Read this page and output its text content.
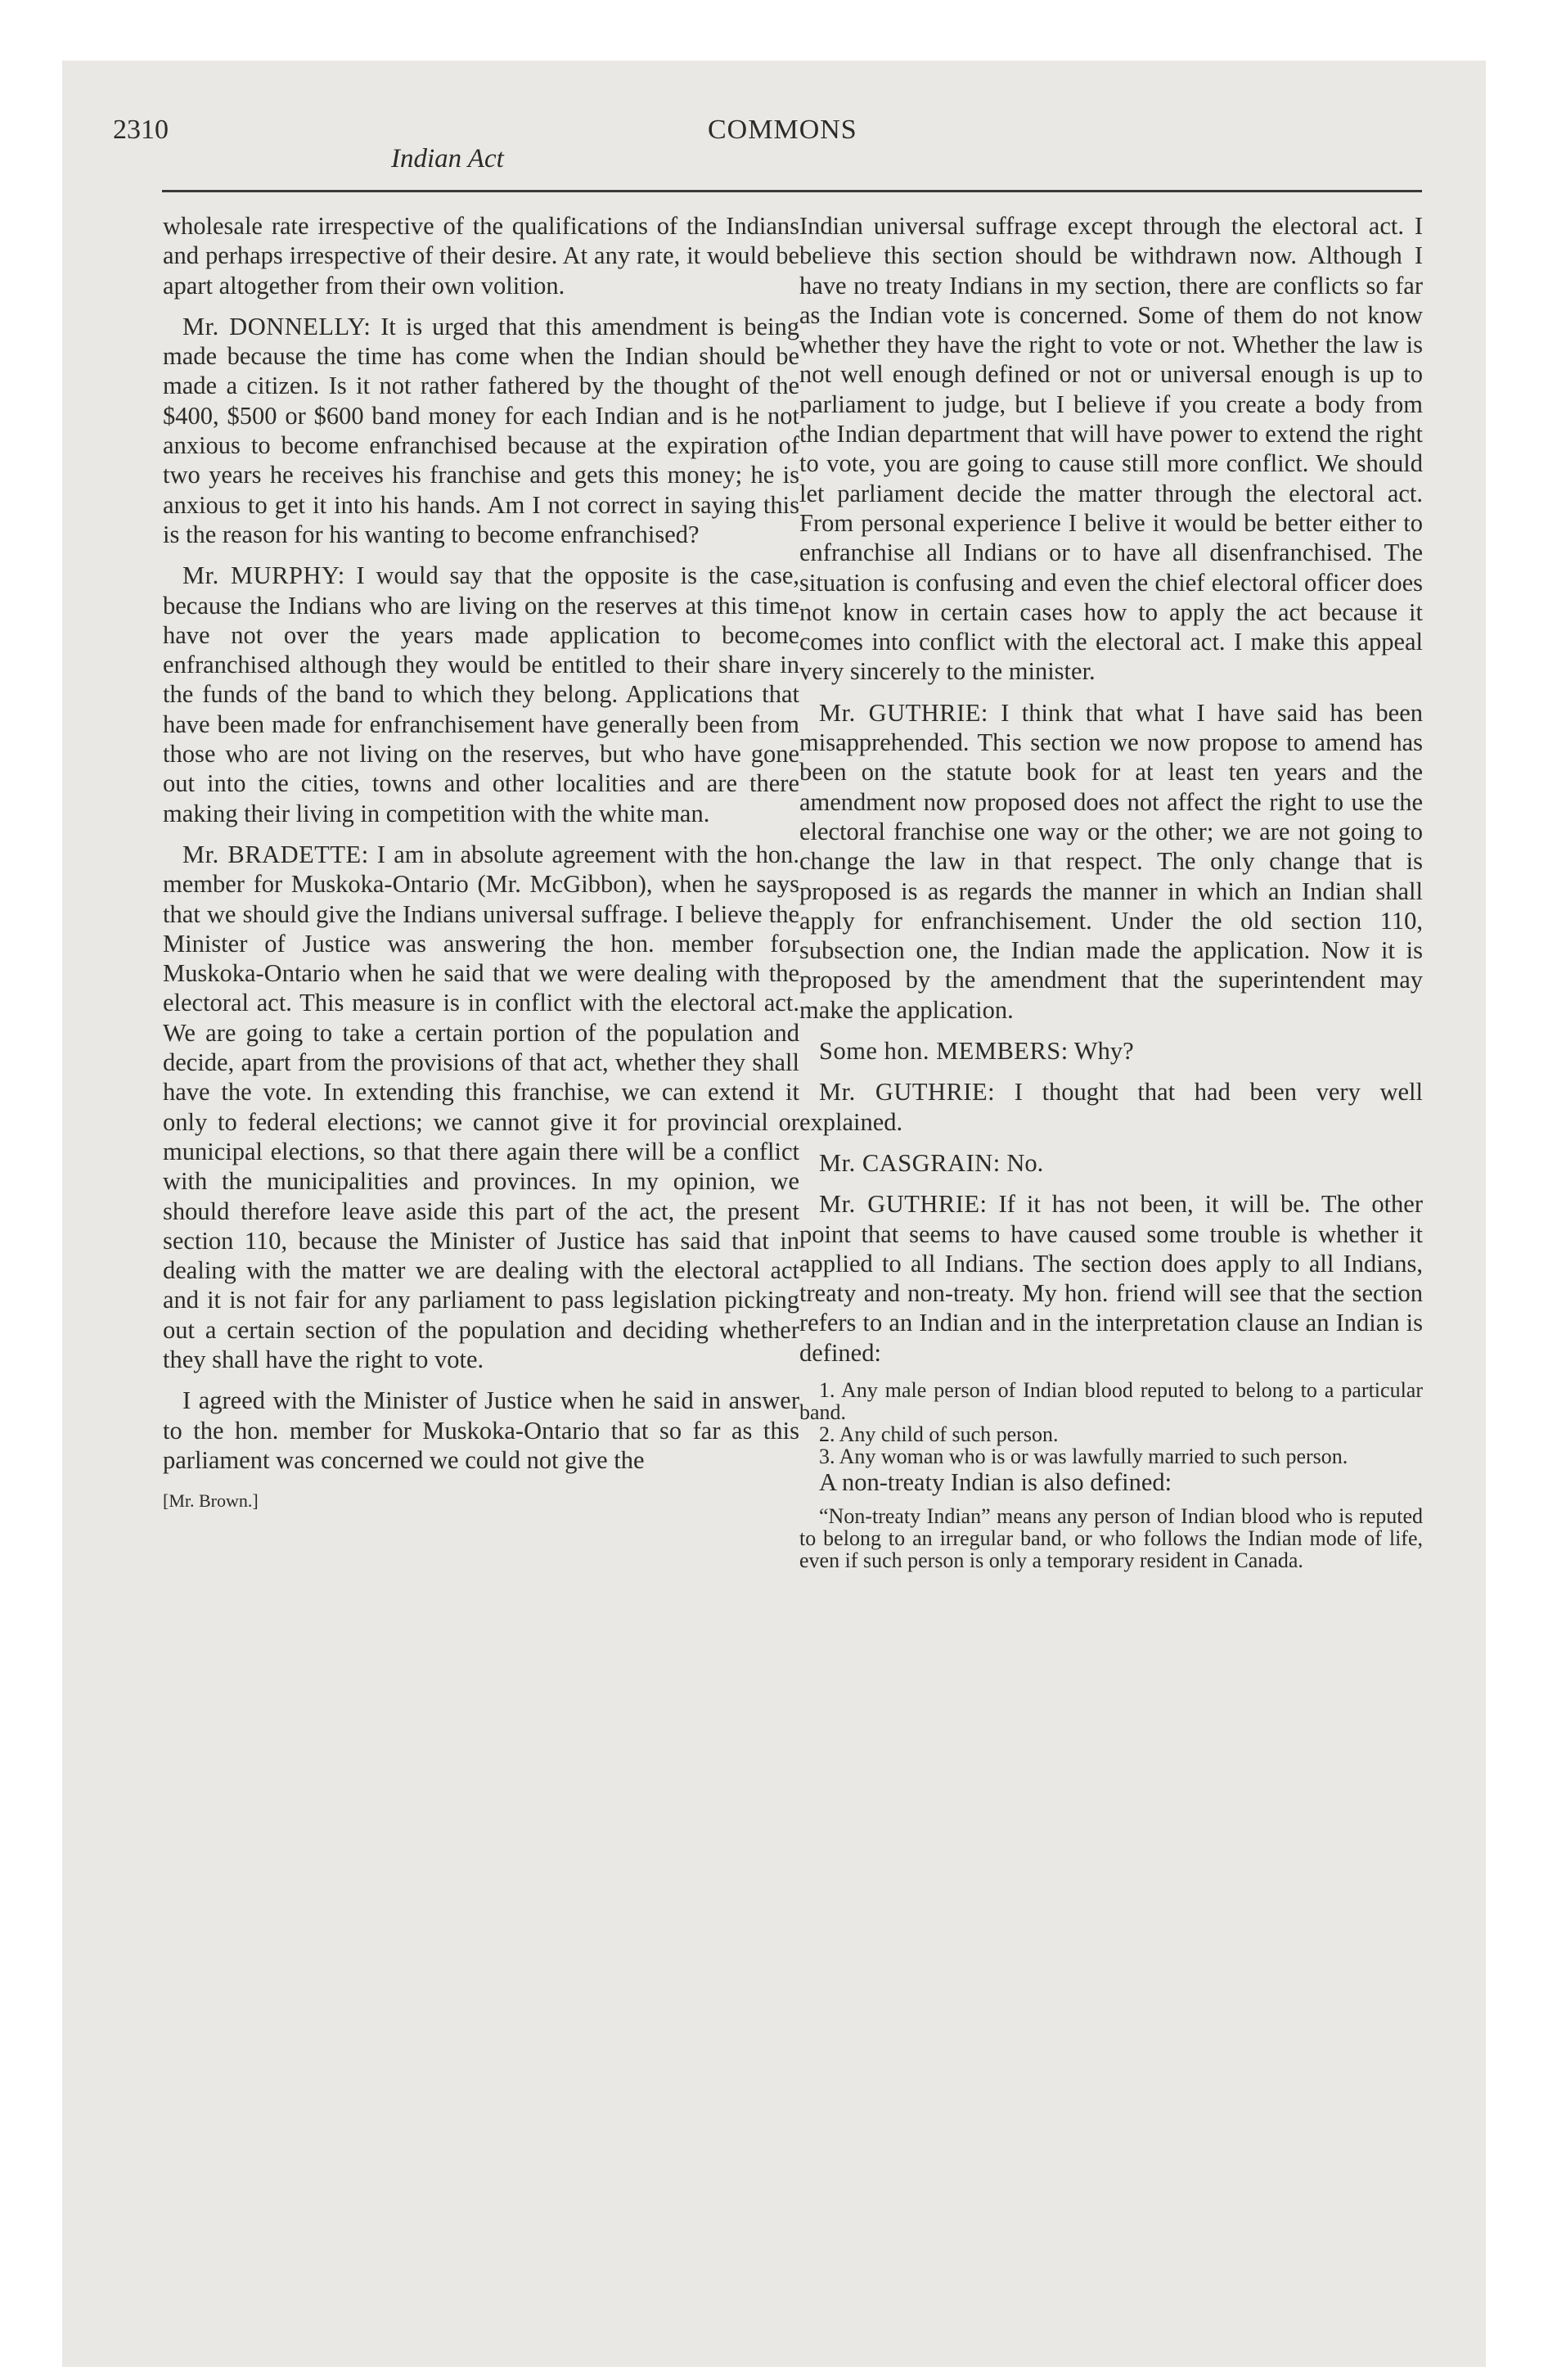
2310	COMMONS
Indian Act

wholesale rate irrespective of the qualifications of the Indians and perhaps irrespective of their desire. At any rate, it would be apart altogether from their own volition.

Mr. DONNELLY: It is urged that this amendment is being made because the time has come when the Indian should be made a citizen. Is it not rather fathered by the thought of the $400, $500 or $600 band money for each Indian and is he not anxious to become enfranchised because at the expiration of two years he receives his franchise and gets this money; he is anxious to get it into his hands. Am I not correct in saying this is the reason for his wanting to become enfranchised?

Mr. MURPHY: I would say that the opposite is the case, because the Indians who are living on the reserves at this time have not over the years made application to become enfranchised although they would be entitled to their share in the funds of the band to which they belong. Applications that have been made for enfranchisement have generally been from those who are not living on the reserves, but who have gone out into the cities, towns and other localities and are there making their living in competition with the white man.

Mr. BRADETTE: I am in absolute agreement with the hon. member for Muskoka-Ontario (Mr. McGibbon), when he says that we should give the Indians universal suffrage. I believe the Minister of Justice was answering the hon. member for Muskoka-Ontario when he said that we were dealing with the electoral act. This measure is in conflict with the electoral act. We are going to take a certain portion of the population and decide, apart from the provisions of that act, whether they shall have the vote. In extending this franchise, we can extend it only to federal elections; we cannot give it for provincial or municipal elections, so that there again there will be a conflict with the municipalities and provinces. In my opinion, we should therefore leave aside this part of the act, the present section 110, because the Minister of Justice has said that in dealing with the matter we are dealing with the electoral act and it is not fair for any parliament to pass legislation picking out a certain section of the population and deciding whether they shall have the right to vote.

I agreed with the Minister of Justice when he said in answer to the hon. member for Muskoka-Ontario that so far as this parliament was concerned we could not give the

[Mr. Brown.]

Indian universal suffrage except through the electoral act. I believe this section should be withdrawn now. Although I have no treaty Indians in my section, there are conflicts so far as the Indian vote is concerned. Some of them do not know whether they have the right to vote or not. Whether the law is not well enough defined or not or universal enough is up to parliament to judge, but I believe if you create a body from the Indian department that will have power to extend the right to vote, you are going to cause still more conflict. We should let parliament decide the matter through the electoral act. From personal experience I belive it would be better either to enfranchise all Indians or to have all disenfranchised. The situation is confusing and even the chief electoral officer does not know in certain cases how to apply the act because it comes into conflict with the electoral act. I make this appeal very sincerely to the minister.

Mr. GUTHRIE: I think that what I have said has been misapprehended. This section we now propose to amend has been on the statute book for at least ten years and the amendment now proposed does not affect the right to use the electoral franchise one way or the other; we are not going to change the law in that respect. The only change that is proposed is as regards the manner in which an Indian shall apply for enfranchisement. Under the old section 110, subsection one, the Indian made the application. Now it is proposed by the amendment that the superintendent may make the application.

Some hon. MEMBERS: Why?

Mr. GUTHRIE: I thought that had been very well explained.

Mr. CASGRAIN: No.

Mr. GUTHRIE: If it has not been, it will be. The other point that seems to have caused some trouble is whether it applied to all Indians. The section does apply to all Indians, treaty and non-treaty. My hon. friend will see that the section refers to an Indian and in the interpretation clause an Indian is defined:

1. Any male person of Indian blood reputed to belong to a particular band.

2. Any child of such person.

3. Any woman who is or was lawfully married to such person.

A non-treaty Indian is also defined:

“Non-treaty Indian” means any person of Indian blood who is reputed to belong to an irregular band, or who follows the Indian mode of life, even if such person is only a temporary resident in Canada.
